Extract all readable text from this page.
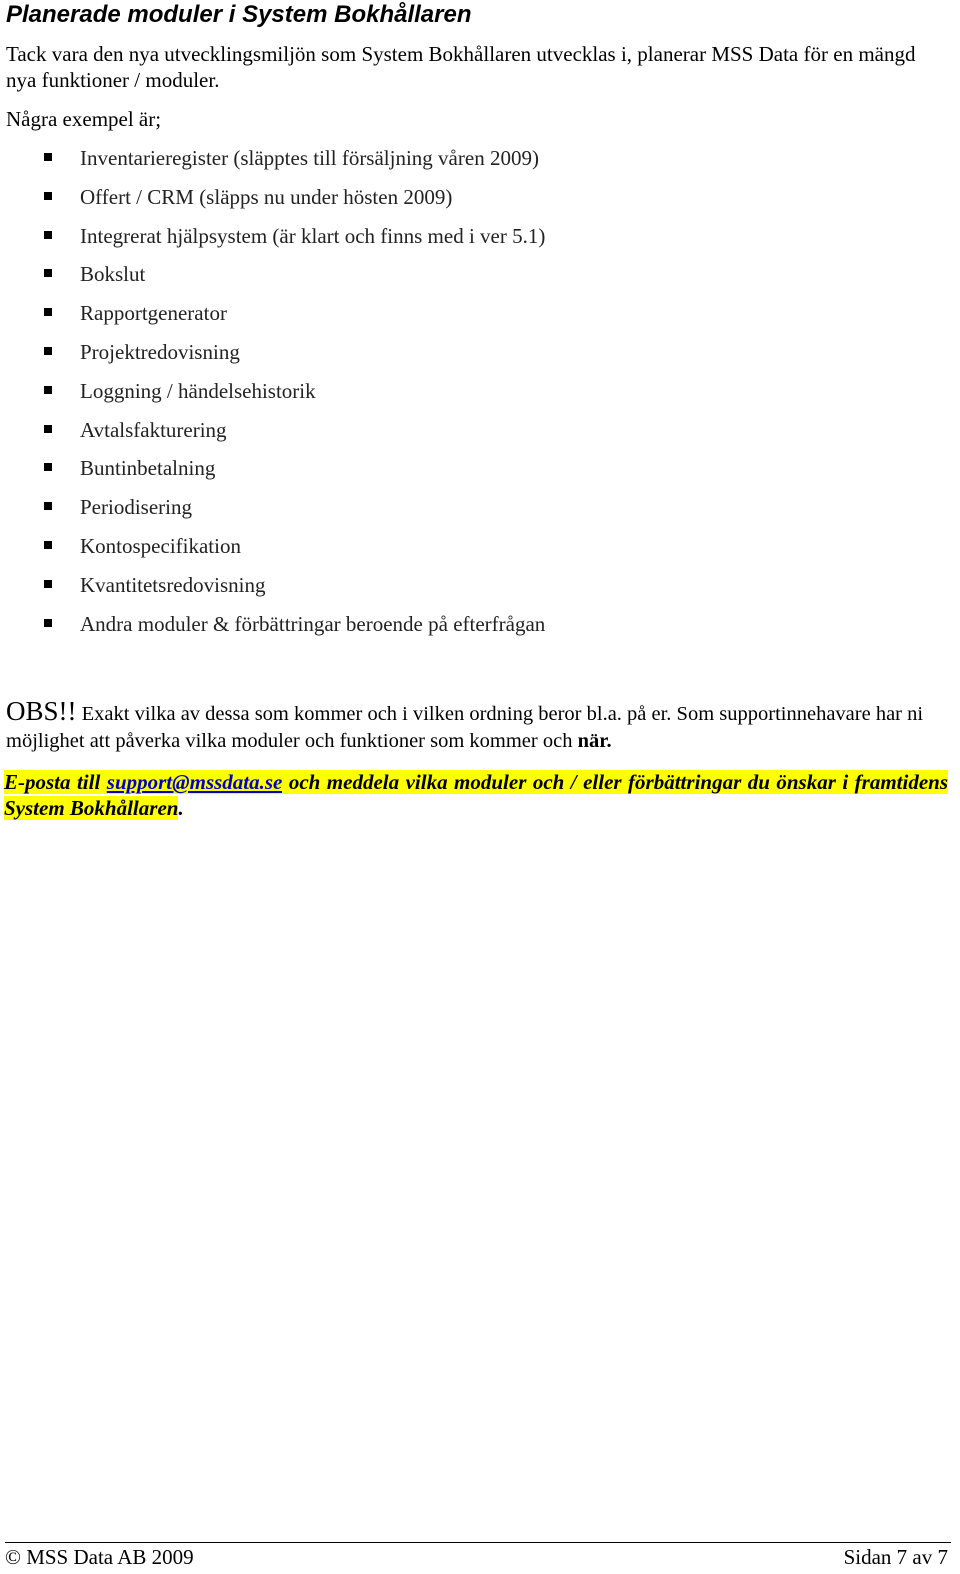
Planerade moduler i System Bokhållaren

Tack vara den nya utvecklingsmiljön som System Bokhållaren utvecklas i, planerar MSS Data för en mängd nya funktioner / moduler.

Några exempel är;

Inventarieregister (släpptes till försäljning våren 2009)
Offert / CRM (släpps nu under hösten 2009)
Integrerat hjälpsystem (är klart och finns med i ver 5.1)
Bokslut
Rapportgenerator
Projektredovisning
Loggning / händelsehistorik
Avtalsfakturering
Buntinbetalning
Periodisering
Kontospecifikation
Kvantitetsredovisning
Andra moduler & förbättringar beroende på efterfrågan

OBS!! Exakt vilka av dessa som kommer och i vilken ordning beror bl.a. på er. Som supportinnehavare har ni möjlighet att påverka vilka moduler och funktioner som kommer och när.

E-posta till support@mssdata.se och meddela vilka moduler och / eller förbättringar du önskar i framtidens System Bokhållaren.

© MSS Data AB 2009	Sidan 7 av 7
